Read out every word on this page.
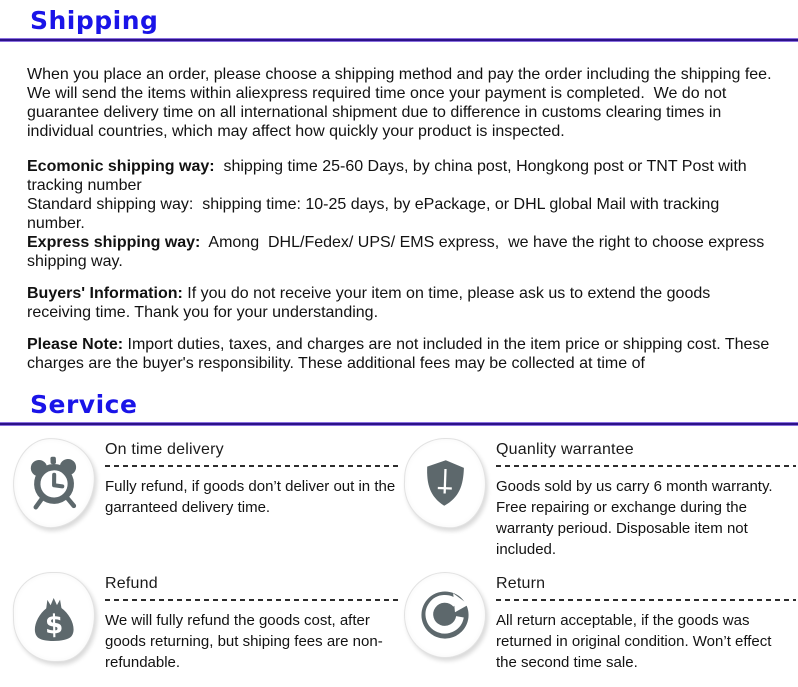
Shipping

When you place an order, please choose a shipping method and pay the order including the shipping fee.  We will send the items within aliexpress required time once your payment is completed.  We do not guarantee delivery time on all international shipment due to difference in customs clearing times in individual countries, which may affect how quickly your product is inspected.

Ecomonic shipping way:  shipping time 25-60 Days, by china post, Hongkong post or TNT Post with tracking number

Standard shipping way:  shipping time: 10-25 days, by ePackage, or DHL global Mail with tracking number.

Express shipping way:  Among  DHL/Fedex/ UPS/ EMS express,  we have the right to choose express shipping way.

Buyers' Information: If you do not receive your item on time, please ask us to extend the goods receiving time. Thank you for your understanding.

Please Note: Import duties, taxes, and charges are not included in the item price or shipping cost. These charges are the buyer's responsibility. These additional fees may be collected at time of

Service
On time delivery
Fully refund, if goods don’t deliver out in the garranteed delivery time.
Quanlity warrantee
Goods sold by us carry 6 month warranty. Free repairing or exchange during the warranty perioud. Disposable item not included.
$
Refund
We will fully refund the goods cost, after goods returning, but shiping fees are non-refundable.
Return
All return acceptable, if the goods was returned in original condition. Won’t effect the second time sale.
